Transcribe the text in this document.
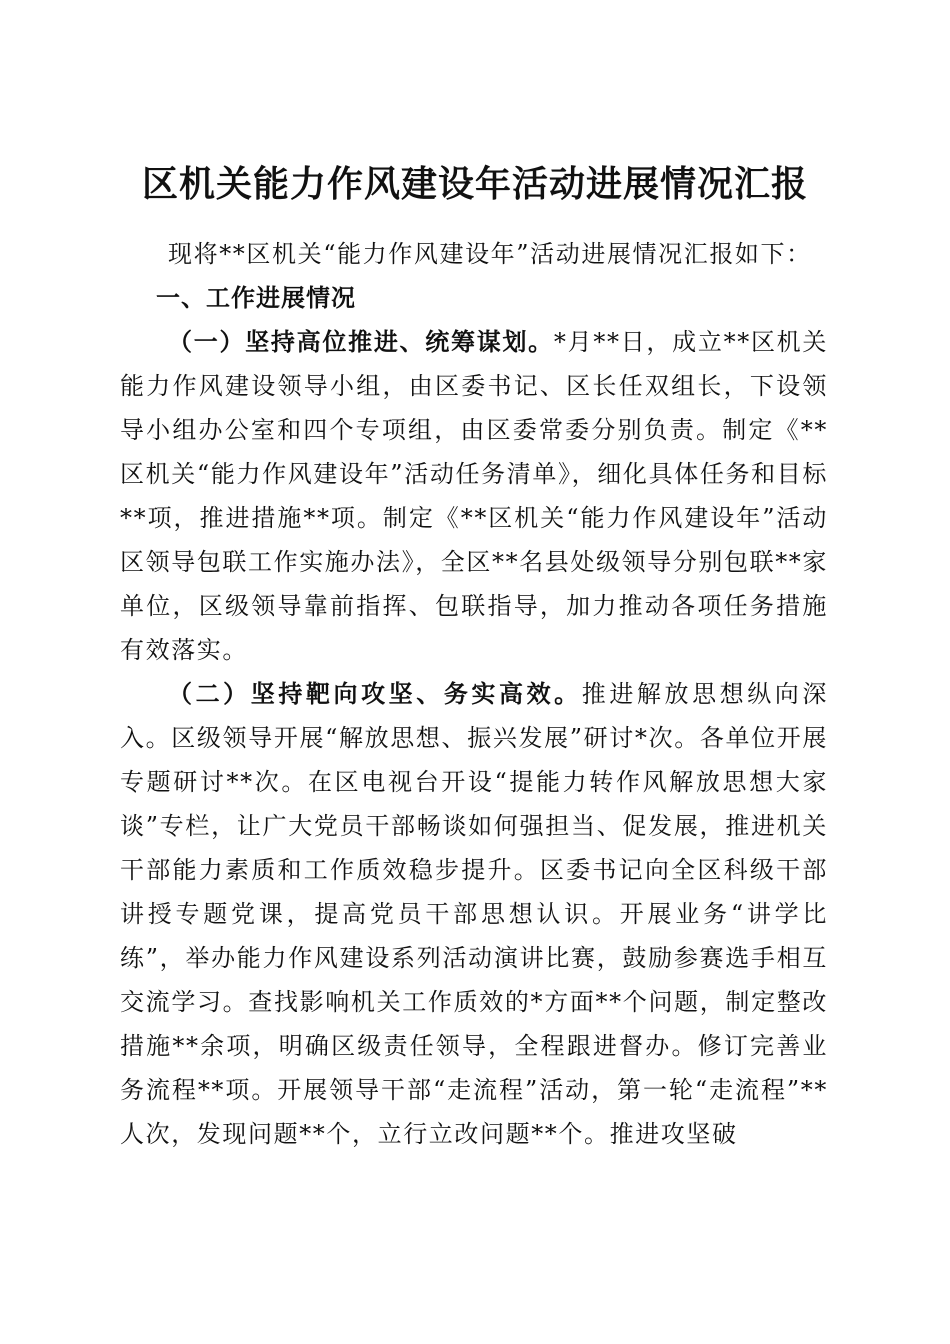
区机关能力作风建设年活动进展情况汇报

现将**区机关“能力作风建设年”活动进展情况汇报如下：

一、工作进展情况

（一）坚持高位推进、统筹谋划。*月**日，成立**区机关能力作风建设领导小组，由区委书记、区长任双组长，下设领导小组办公室和四个专项组，由区委常委分别负责。制定《**区机关“能力作风建设年”活动任务清单》，细化具体任务和目标**项，推进措施**项。制定《**区机关“能力作风建设年”活动区领导包联工作实施办法》，全区**名县处级领导分别包联**家单位，区级领导靠前指挥、包联指导，加力推动各项任务措施有效落实。

（二）坚持靶向攻坚、务实高效。推进解放思想纵向深入。区级领导开展“解放思想、振兴发展”研讨*次。各单位开展专题研讨**次。在区电视台开设“提能力转作风解放思想大家谈”专栏，让广大党员干部畅谈如何强担当、促发展，推进机关干部能力素质和工作质效稳步提升。区委书记向全区科级干部讲授专题党课，提高党员干部思想认识。开展业务“讲学比练”，举办能力作风建设系列活动演讲比赛，鼓励参赛选手相互交流学习。查找影响机关工作质效的*方面**个问题，制定整改措施**余项，明确区级责任领导，全程跟进督办。修订完善业务流程**项。开展领导干部“走流程”活动，第一轮“走流程”**人次，发现问题**个，立行立改问题**个。推进攻坚破
